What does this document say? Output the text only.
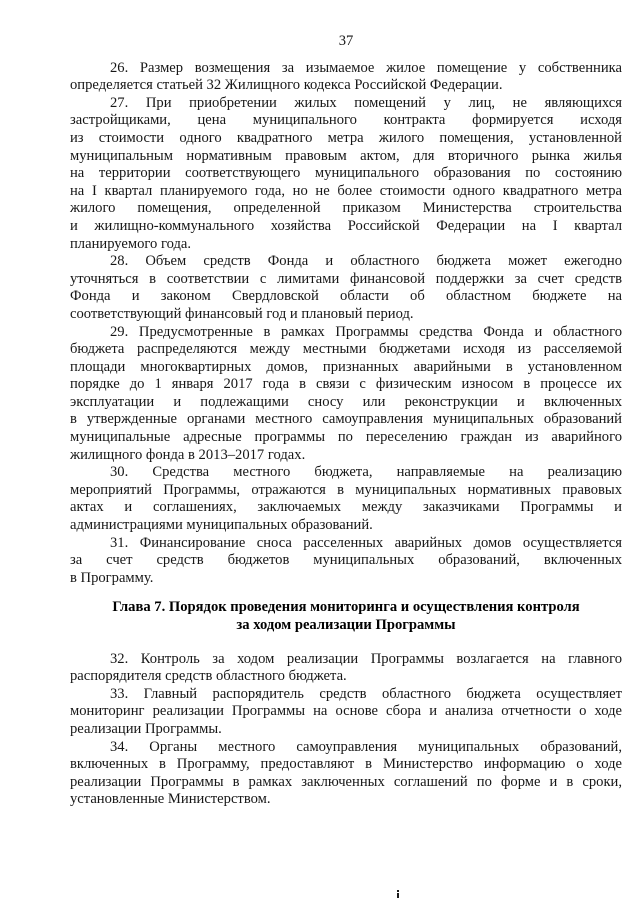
37
26. Размер возмещения за изымаемое жилое помещение у собственника
определяется статьей 32 Жилищного кодекса Российской Федерации.
27. При приобретении жилых помещений у лиц, не являющихся
застройщиками, цена муниципального контракта формируется исходя
из стоимости одного квадратного метра жилого помещения, установленной
муниципальным нормативным правовым актом, для вторичного рынка жилья
на территории соответствующего муниципального образования по состоянию
на I квартал планируемого года, но не более стоимости одного квадратного метра
жилого помещения, определенной приказом Министерства строительства
и жилищно-коммунального хозяйства Российской Федерации на I квартал
планируемого года.
28. Объем средств Фонда и областного бюджета может ежегодно
уточняться в соответствии с лимитами финансовой поддержки за счет средств
Фонда и законом Свердловской области об областном бюджете на
соответствующий финансовый год и плановый период.
29. Предусмотренные в рамках Программы средства Фонда и областного
бюджета распределяются между местными бюджетами исходя из расселяемой
площади многоквартирных домов, признанных аварийными в установленном
порядке до 1 января 2017 года в связи с физическим износом в процессе их
эксплуатации и подлежащими сносу или реконструкции и включенных
в утвержденные органами местного самоуправления муниципальных образований
муниципальные адресные программы по переселению граждан из аварийного
жилищного фонда в 2013–2017 годах.
30. Средства местного бюджета, направляемые на реализацию
мероприятий Программы, отражаются в муниципальных нормативных правовых
актах и соглашениях, заключаемых между заказчиками Программы и
администрациями муниципальных образований.
31. Финансирование сноса расселенных аварийных домов осуществляется
за счет средств бюджетов муниципальных образований, включенных
в Программу.
Глава 7. Порядок проведения мониторинга и осуществления контроля
за ходом реализации Программы
32. Контроль за ходом реализации Программы возлагается на главного
распорядителя средств областного бюджета.
33. Главный распорядитель средств областного бюджета осуществляет
мониторинг реализации Программы на основе сбора и анализа отчетности о ходе
реализации Программы.
34. Органы местного самоуправления муниципальных образований,
включенных в Программу, предоставляют в Министерство информацию о ходе
реализации Программы в рамках заключенных соглашений по форме и в сроки,
установленные Министерством.
